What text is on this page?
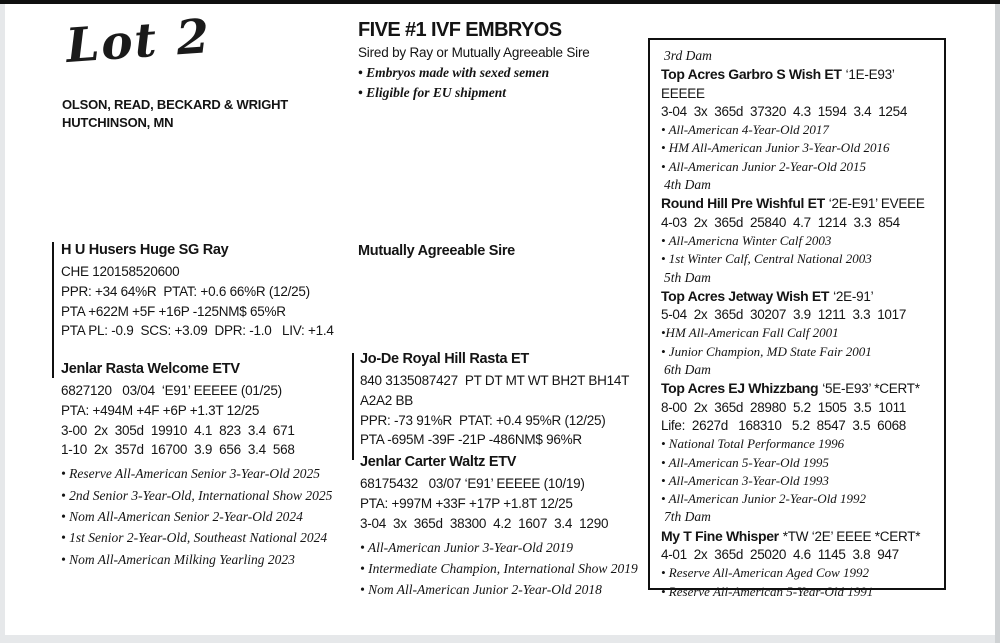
Lot 2
OLSON, READ, BECKARD & WRIGHT
HUTCHINSON, MN
FIVE #1 IVF EMBRYOS
Sired by Ray or Mutually Agreeable Sire
• Embryos made with sexed semen
• Eligible for EU shipment
H U Husers Huge SG Ray
CHE 120158520600
PPR: +34 64%R  PTAT: +0.6 66%R (12/25)
PTA +622M +5F +16P -125NM$ 65%R
PTA PL: -0.9  SCS: +3.09  DPR: -1.0   LIV: +1.4
Jenlar Rasta Welcome ETV
6827120   03/04  ‘E91’ EEEEE (01/25)
PTA: +494M +4F +6P +1.3T 12/25
3-00  2x  305d  19910  4.1  823  3.4  671
1-10  2x  357d  16700  3.9  656  3.4  568
• Reserve All-American Senior 3-Year-Old 2025
• 2nd Senior 3-Year-Old, International Show 2025
• Nom All-American Senior 2-Year-Old 2024
• 1st Senior 2-Year-Old, Southeast National 2024
• Nom All-American Milking Yearling 2023
Mutually Agreeable Sire
Jo-De Royal Hill Rasta ET
840 3135087427  PT DT MT WT BH2T BH14T  A2A2 BB
PPR: -73 91%R  PTAT: +0.4 95%R (12/25)
PTA -695M -39F -21P -486NM$ 96%R
Jenlar Carter Waltz ETV
68175432   03/07 ‘E91’ EEEEE (10/19)
PTA: +997M +33F +17P +1.8T 12/25
3-04  3x  365d  38300  4.2  1607  3.4  1290
• All-American Junior 3-Year-Old 2019
• Intermediate Champion, International Show 2019
• Nom All-American Junior 2-Year-Old 2018
3rd Dam
Top Acres Garbro S Wish ET ‘1E-E93’ EEEEE
3-04  3x  365d  37320  4.3  1594  3.4  1254
• All-American 4-Year-Old 2017
• HM All-American Junior 3-Year-Old 2016
• All-American Junior 2-Year-Old 2015
4th Dam
Round Hill Pre Wishful ET ‘2E-E91’ EVEEE
4-03  2x  365d  25840  4.7  1214  3.3  854
• All-Americna Winter Calf 2003
• 1st Winter Calf, Central National 2003
5th Dam
Top Acres Jetway Wish ET ‘2E-91’
5-04  2x  365d  30207  3.9  1211  3.3  1017
•HM All-American Fall Calf 2001
• Junior Champion, MD State Fair 2001
6th Dam
Top Acres EJ Whizzbang ‘5E-E93’ *CERT*
8-00  2x  365d  28980  5.2  1505  3.5  1011
Life:  2627d   168310   5.2  8547  3.5  6068
• National Total Performance 1996
• All-American 5-Year-Old 1995
• All-American 3-Year-Old 1993
• All-American Junior 2-Year-Old 1992
7th Dam
My T Fine Whisper *TW ‘2E’ EEEE *CERT*
4-01  2x  365d  25020  4.6  1145  3.8  947
• Reserve All-American Aged Cow 1992
• Reserve All-American 5-Year-Old 1991
